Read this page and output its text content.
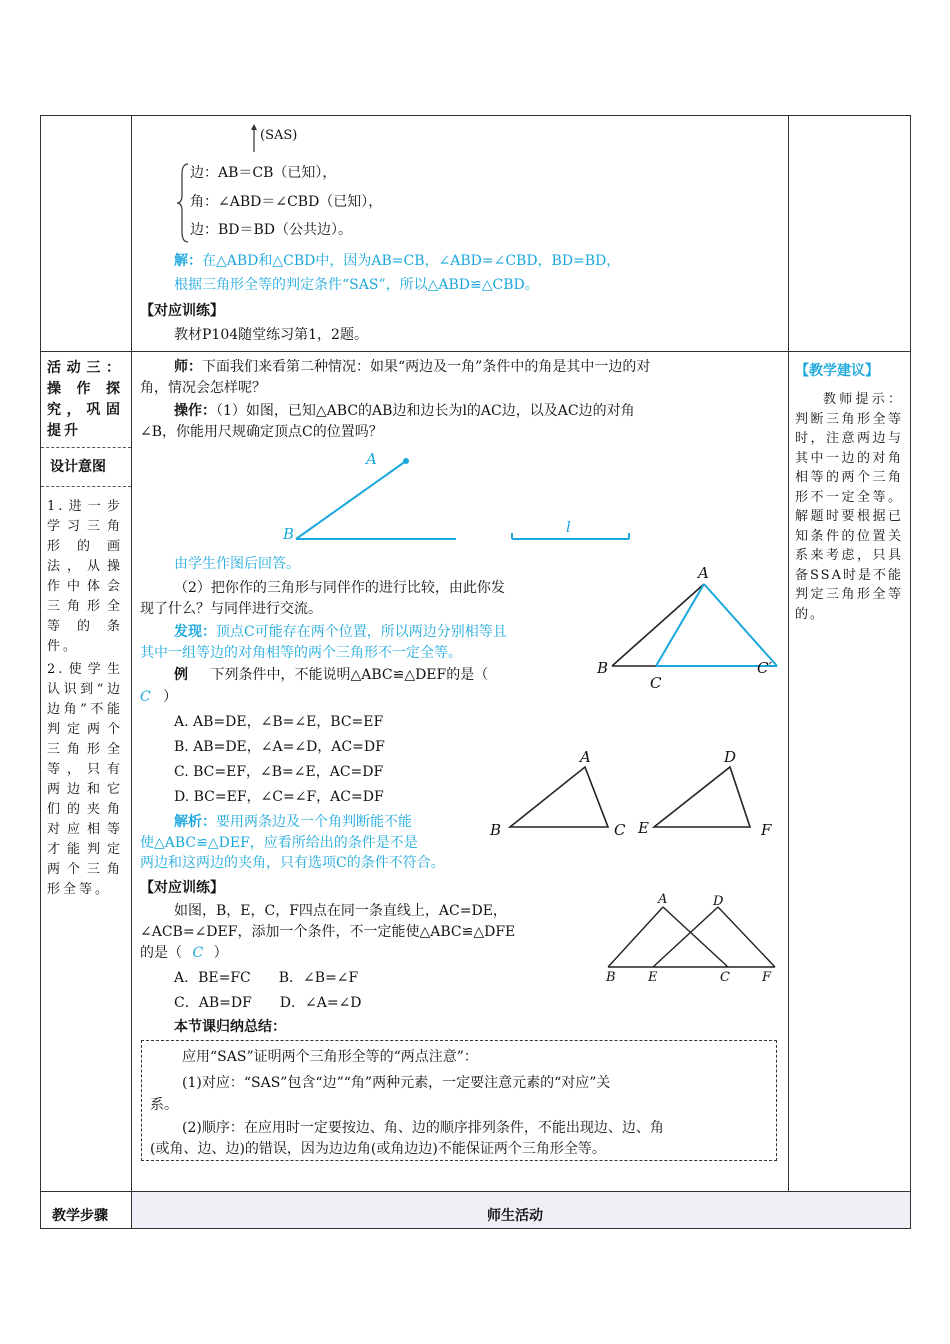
(SAS)
边：AB＝CB（已知），
角：∠ABD＝∠CBD（已知），
边：BD＝BD（公共边）。
解：在△ABD和△CBD中，因为AB=CB，∠ABD=∠CBD，BD=BD，
根据三角形全等的判定条件“SAS”，所以△ABD≌△CBD。
【对应训练】
教材P104随堂练习第1，2题。
活动三：操作探究，巩固提升
设计意图
1.进一步学习三角形的画法，从操作中体会三角形全等的条件。
2.使学生认识到“边边角”不能判定两个三角形全等，只有两边和它们的夹角对应相等才能判定两个三角形全等。
【教学建议】
教师提示：判断三角形全等时，注意两边与其中一边的对角相等的两个三角形不一定全等。解题时要根据已知条件的位置关系来考虑，只具备SSA时是不能判定三角形全等的。
师：下面我们来看第二种情况：如果“两边及一角”条件中的角是其中一边的对
角，情况会怎样呢？
操作：（1）如图，已知△ABC的AB边和边长为l的AC边，以及AC边的对角
∠B，你能用尺规确定顶点C的位置吗？
A
B	l
由学生作图后回答。
（2）把你作的三角形与同伴作的进行比较，由此你发
现了什么？与同伴进行交流。
发现：顶点C可能存在两个位置，所以两边分别相等且
其中一组等边的对角相等的两个三角形不一定全等。
A
B
C
C′
例 下列条件中，不能说明△ABC≌△DEF的是（
C ）
A. AB=DE，∠B=∠E，BC=EF
B. AB=DE，∠A=∠D，AC=DF
C. BC=EF，∠B=∠E，AC=DF
D. BC=EF，∠C=∠F，AC=DF
A
B	C
D
E	F
解析：要用两条边及一个角判断能不能
使△ABC≌△DEF，应看所给出的条件是不是
两边和这两边的夹角，只有选项C的条件不符合。
【对应训练】
如图，B，E，C，F四点在同一条直线上，AC=DE，
∠ACB=∠DEF，添加一个条件，不一定能使△ABC≌△DFE
的是（ C ）
A．BE=FC　　B．∠B=∠F
C．AB=DF　　D．∠A=∠D
A	D
B E	C F
本节课归纳总结：
应用“SAS”证明两个三角形全等的“两点注意”：
(1)对应：“SAS”包含“边”“角”两种元素，一定要注意元素的“对应”关
系。
(2)顺序：在应用时一定要按边、角、边的顺序排列条件，不能出现边、边、角
(或角、边、边)的错误，因为边边角(或角边边)不能保证两个三角形全等。
教学步骤	师生活动
